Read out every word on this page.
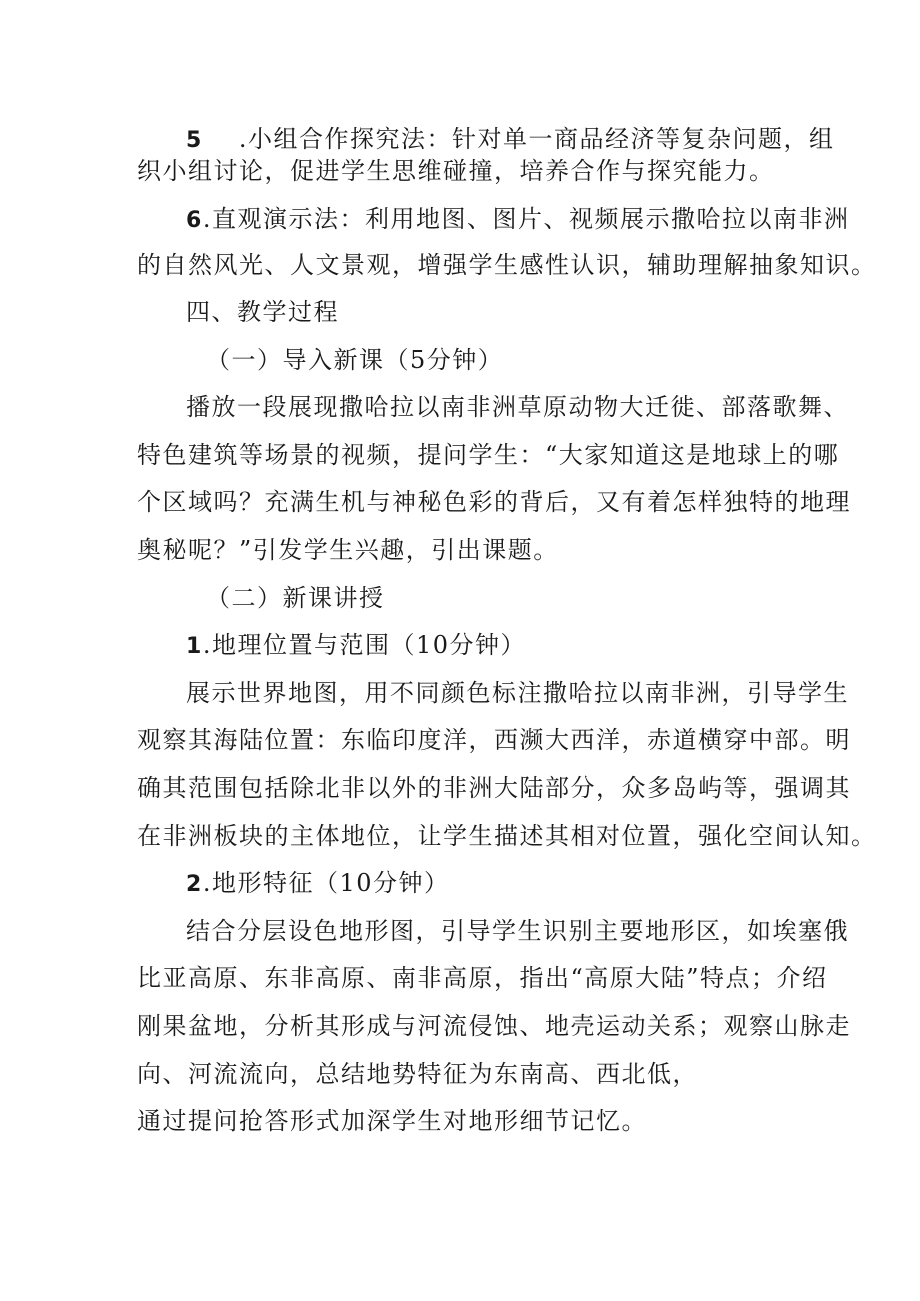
5 .小组合作探究法：针对单一商品经济等复杂问题，组
织小组讨论，促进学生思维碰撞，培养合作与探究能力。
6.直观演示法：利用地图、图片、视频展示撒哈拉以南非洲
的自然风光、人文景观，增强学生感性认识，辅助理解抽象知识。
四、教学过程
（一）导入新课（5分钟）
播放一段展现撒哈拉以南非洲草原动物大迁徙、部落歌舞、
特色建筑等场景的视频，提问学生：“大家知道这是地球上的哪
个区域吗？充满生机与神秘色彩的背后，又有着怎样独特的地理
奥秘呢？”引发学生兴趣，引出课题。
（二）新课讲授
1.地理位置与范围（10分钟）
展示世界地图，用不同颜色标注撒哈拉以南非洲，引导学生
观察其海陆位置：东临印度洋，西濒大西洋，赤道横穿中部。明
确其范围包括除北非以外的非洲大陆部分，众多岛屿等，强调其
在非洲板块的主体地位，让学生描述其相对位置，强化空间认知。
2.地形特征（10分钟）
结合分层设色地形图，引导学生识别主要地形区，如埃塞俄
比亚高原、东非高原、南非高原，指出“高原大陆”特点；介绍
刚果盆地，分析其形成与河流侵蚀、地壳运动关系；观察山脉走
向、河流流向，总结地势特征为东南高、西北低，
通过提问抢答形式加深学生对地形细节记忆。
